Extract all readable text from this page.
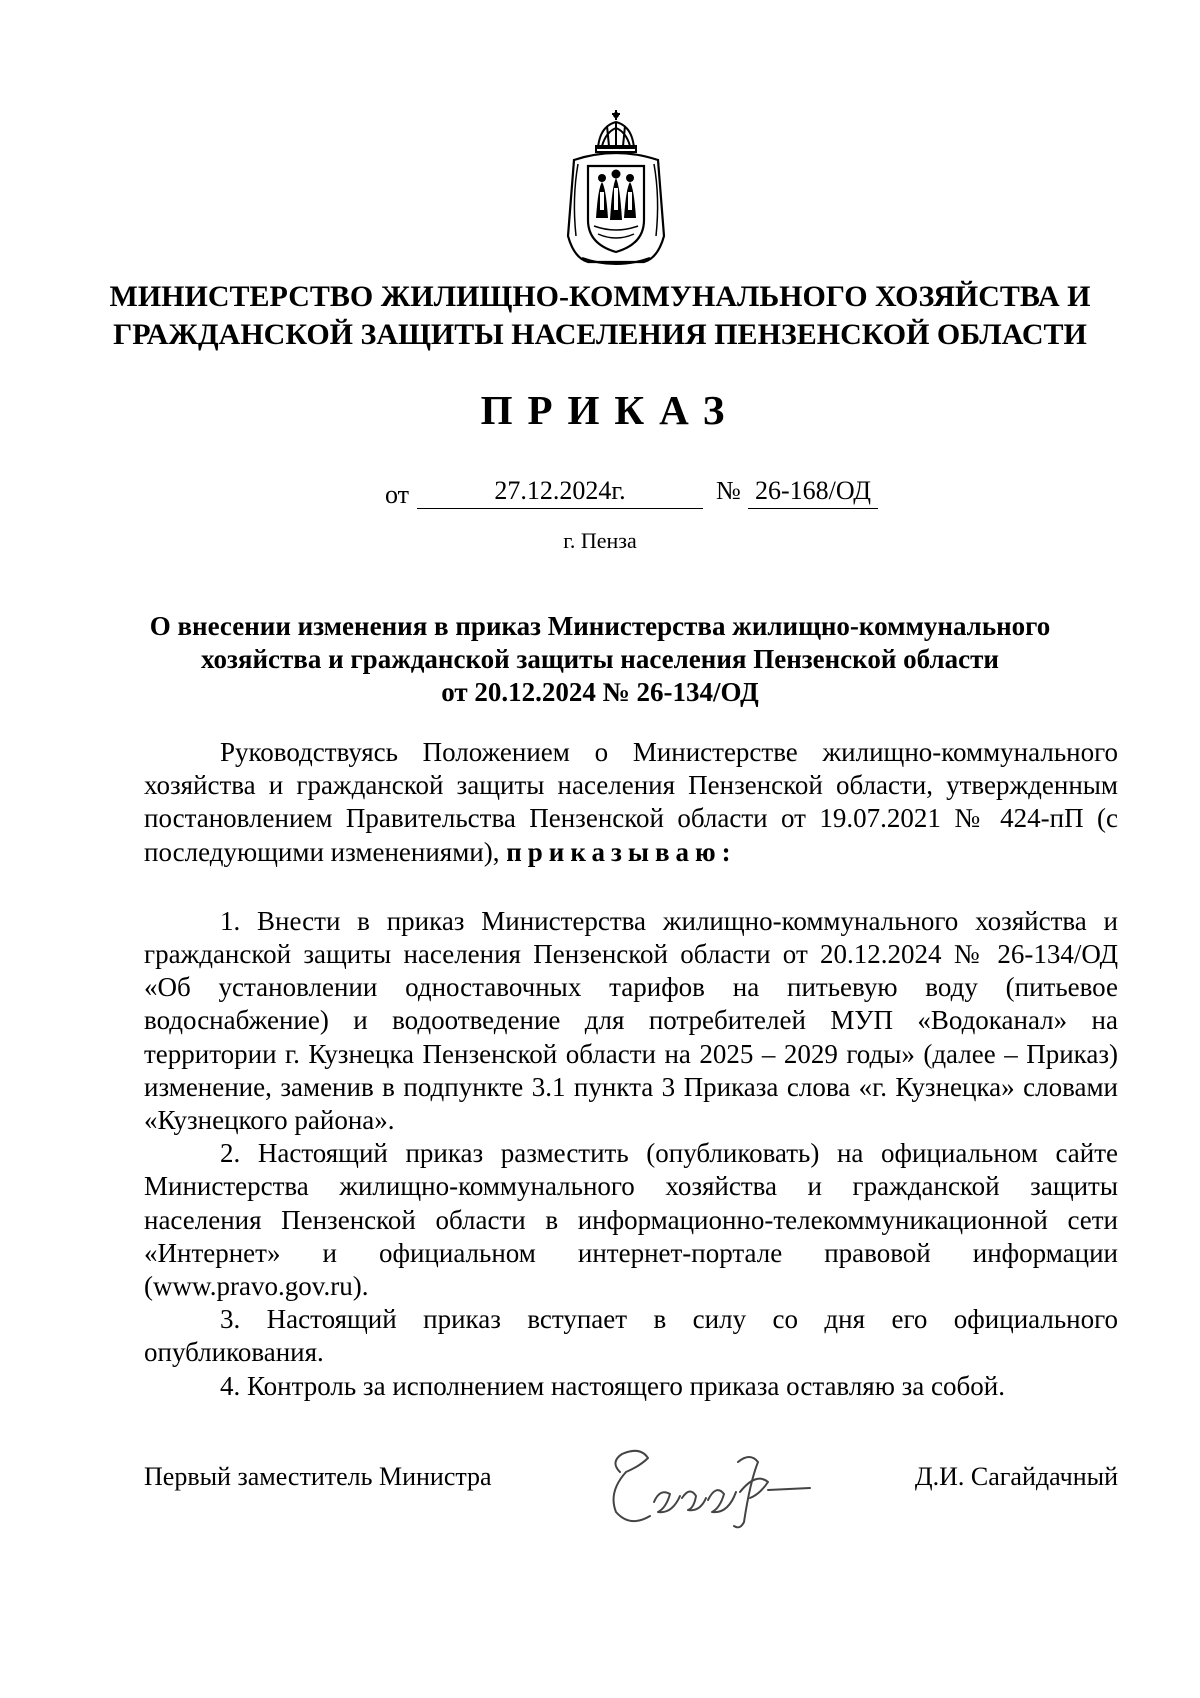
МИНИСТЕРСТВО ЖИЛИЩНО-КОММУНАЛЬНОГО ХОЗЯЙСТВА И
ГРАЖДАНСКОЙ ЗАЩИТЫ НАСЕЛЕНИЯ ПЕНЗЕНСКОЙ ОБЛАСТИ
ПРИКАЗ
от	27.12.2024г.	№ 26-168/ОД
г. Пенза
О внесении изменения в приказ Министерства жилищно-коммунального
хозяйства и гражданской защиты населения Пензенской области
от 20.12.2024 № 26-134/ОД

Руководствуясь Положением о Министерстве жилищно-коммунального хозяйства и гражданской защиты населения Пензенской области, утвержденным постановлением Правительства Пензенской области от 19.07.2021 № 424-пП (с последующими изменениями), приказываю:

1. Внести в приказ Министерства жилищно-коммунального хозяйства и гражданской защиты населения Пензенской области от 20.12.2024 № 26-134/ОД «Об установлении одноставочных тарифов на питьевую воду (питьевое водоснабжение) и водоотведение для потребителей МУП «Водоканал» на территории г. Кузнецка Пензенской области на 2025 – 2029 годы» (далее – Приказ) изменение, заменив в подпункте 3.1 пункта 3 Приказа слова «г. Кузнецка» словами «Кузнецкого района».

2. Настоящий приказ разместить (опубликовать) на официальном сайте Министерства жилищно-коммунального хозяйства и гражданской защиты населения Пензенской области в информационно-телекоммуникационной сети «Интернет» и официальном интернет-портале правовой информации (www.pravo.gov.ru).

3. Настоящий приказ вступает в силу со дня его официального опубликования.

4. Контроль за исполнением настоящего приказа оставляю за собой.

Первый заместитель Министра	Д.И. Сагайдачный
